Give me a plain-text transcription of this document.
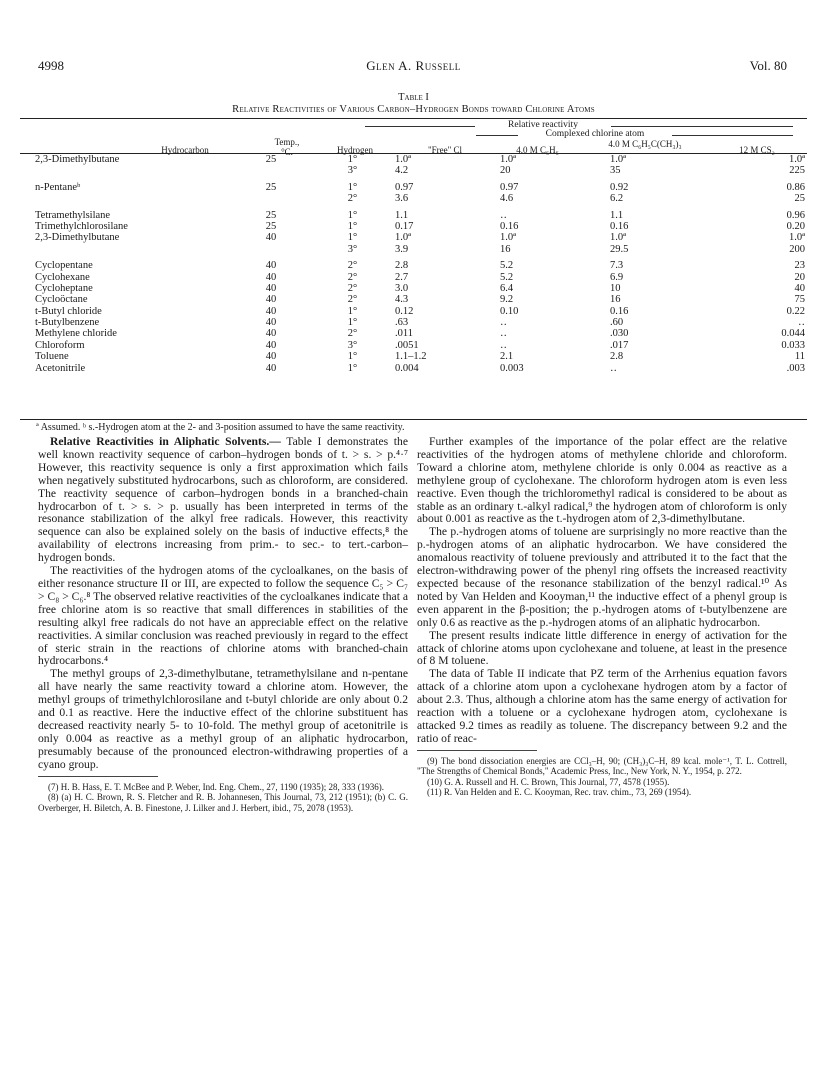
4998	Glen A. Russell	Vol. 80
Table I
Relative Reactivities of Various Carbon–Hydrogen Bonds toward Chlorine Atoms
Relative reactivity
Complexed chlorine atom
Hydrocarbon
Temp., °C.	Hydrogen	"Free" Cl	4.0 M C₆H₆
4.0 M C₆H₅C(CH₃)₃
12 M CS₂
2,3-Dimethylbutane	25	1°	1.0ª	1.0ª	1.0ª	1.0ª
		3°	4.2	20	35	225

n-Pentaneᵇ	25	1°	0.97	0.97	0.92	0.86
		2°	3.6	4.6	6.2	25

Tetramethylsilane	25	1°	1.1	‥	1.1	0.96
Trimethylchlorosilane	25	1°	0.17	0.16	0.16	0.20
2,3-Dimethylbutane	40	1°	1.0ª	1.0ª	1.0ª	1.0ª
		3°	3.9	16	29.5	200

Cyclopentane	40	2°	2.8	5.2	7.3	23
Cyclohexane	40	2°	2.7	5.2	6.9	20
Cycloheptane	40	2°	3.0	6.4	10	40
Cycloöctane	40	2°	4.3	9.2	16	75
t-Butyl chloride	40	1°	0.12	0.10	0.16	0.22
t-Butylbenzene	40	1°	.63	‥	.60	‥
Methylene chloride	40	2°	.011	‥	.030	0.044
Chloroform	40	3°	.0051	‥	.017	0.033
Toluene	40	1°	1.1–1.2	2.1	2.8	11
Acetonitrile	40	1°	0.004	0.003	‥	.003
ª Assumed. ᵇ s.-Hydrogen atom at the 2- and 3-position assumed to have the same reactivity.

Relative Reactivities in Aliphatic Solvents.— Table I demonstrates the well known reactivity sequence of carbon–hydrogen bonds of t. > s. > p.⁴·⁷ However, this reactivity sequence is only a first approximation which fails when negatively substituted hydrocarbons, such as chloroform, are considered. The reactivity sequence of carbon–hydrogen bonds in a branched-chain hydrocarbon of t. > s. > p. usually has been interpreted in terms of the resonance stabilization of the alkyl free radicals. However, this reactivity sequence can also be explained solely on the basis of inductive effects,⁸ the availability of electrons increasing from prim.- to sec.- to tert.-carbon–hydrogen bonds.

The reactivities of the hydrogen atoms of the cycloalkanes, on the basis of either resonance structure II or III, are expected to follow the sequence C₅ > C₇ > C₈ > C₆.⁸ The observed relative reactivities of the cycloalkanes indicate that a free chlorine atom is so reactive that small differences in stabilities of the resulting alkyl free radicals do not have an appreciable effect on the relative reactivities. A similar conclusion was reached previously in regard to the effect of steric strain in the reactions of chlorine atoms with branched-chain hydrocarbons.⁴

The methyl groups of 2,3-dimethylbutane, tetramethylsilane and n-pentane all have nearly the same reactivity toward a chlorine atom. However, the methyl groups of trimethylchlorosilane and t-butyl chloride are only about 0.2 and 0.1 as reactive. Here the inductive effect of the chlorine substituent has decreased reactivity nearly 5- to 10-fold. The methyl group of acetonitrile is only 0.004 as reactive as a methyl group of an aliphatic hydrocarbon, presumably because of the pronounced electron-withdrawing properties of a cyano group.

(7) H. B. Hass, E. T. McBee and P. Weber, Ind. Eng. Chem., 27, 1190 (1935); 28, 333 (1936).

(8) (a) H. C. Brown, R. S. Fletcher and R. B. Johannesen, This Journal, 73, 212 (1951); (b) C. G. Overberger, H. Biletch, A. B. Finestone, J. Lilker and J. Herbert, ibid., 75, 2078 (1953).

Further examples of the importance of the polar effect are the relative reactivities of the hydrogen atoms of methylene chloride and chloroform. Toward a chlorine atom, methylene chloride is only 0.004 as reactive as a methylene group of cyclohexane. The chloroform hydrogen atom is even less reactive. Even though the trichloromethyl radical is considered to be about as stable as an ordinary t.-alkyl radical,⁹ the hydrogen atom of chloroform is only about 0.001 as reactive as the t.-hydrogen atom of 2,3-dimethylbutane.

The p.-hydrogen atoms of toluene are surprisingly no more reactive than the p.-hydrogen atoms of an aliphatic hydrocarbon. We have considered the anomalous reactivity of toluene previously and attributed it to the fact that the electron-withdrawing power of the phenyl ring offsets the increased reactivity expected because of the resonance stabilization of the benzyl radical.¹⁰ As noted by Van Helden and Kooyman,¹¹ the inductive effect of a phenyl group is even apparent in the β-position; the p.-hydrogen atoms of t-butylbenzene are only 0.6 as reactive as the p.-hydrogen atoms of an aliphatic hydrocarbon.

The present results indicate little difference in energy of activation for the attack of chlorine atoms upon cyclohexane and toluene, at least in the presence of 8 M toluene.

The data of Table II indicate that PZ term of the Arrhenius equation favors attack of a chlorine atom upon a cyclohexane hydrogen atom by a factor of about 2.3. Thus, although a chlorine atom has the same energy of activation for reaction with a toluene or a cyclohexane hydrogen atom, cyclohexane is attacked 9.2 times as readily as toluene. The discrepancy between 9.2 and the ratio of reac-

(9) The bond dissociation energies are CCl₃–H, 90; (CH₃)₃C–H, 89 kcal. mole⁻¹, T. L. Cottrell, "The Strengths of Chemical Bonds," Academic Press, Inc., New York, N. Y., 1954, p. 272.

(10) G. A. Russell and H. C. Brown, This Journal, 77, 4578 (1955).

(11) R. Van Helden and E. C. Kooyman, Rec. trav. chim., 73, 269 (1954).
